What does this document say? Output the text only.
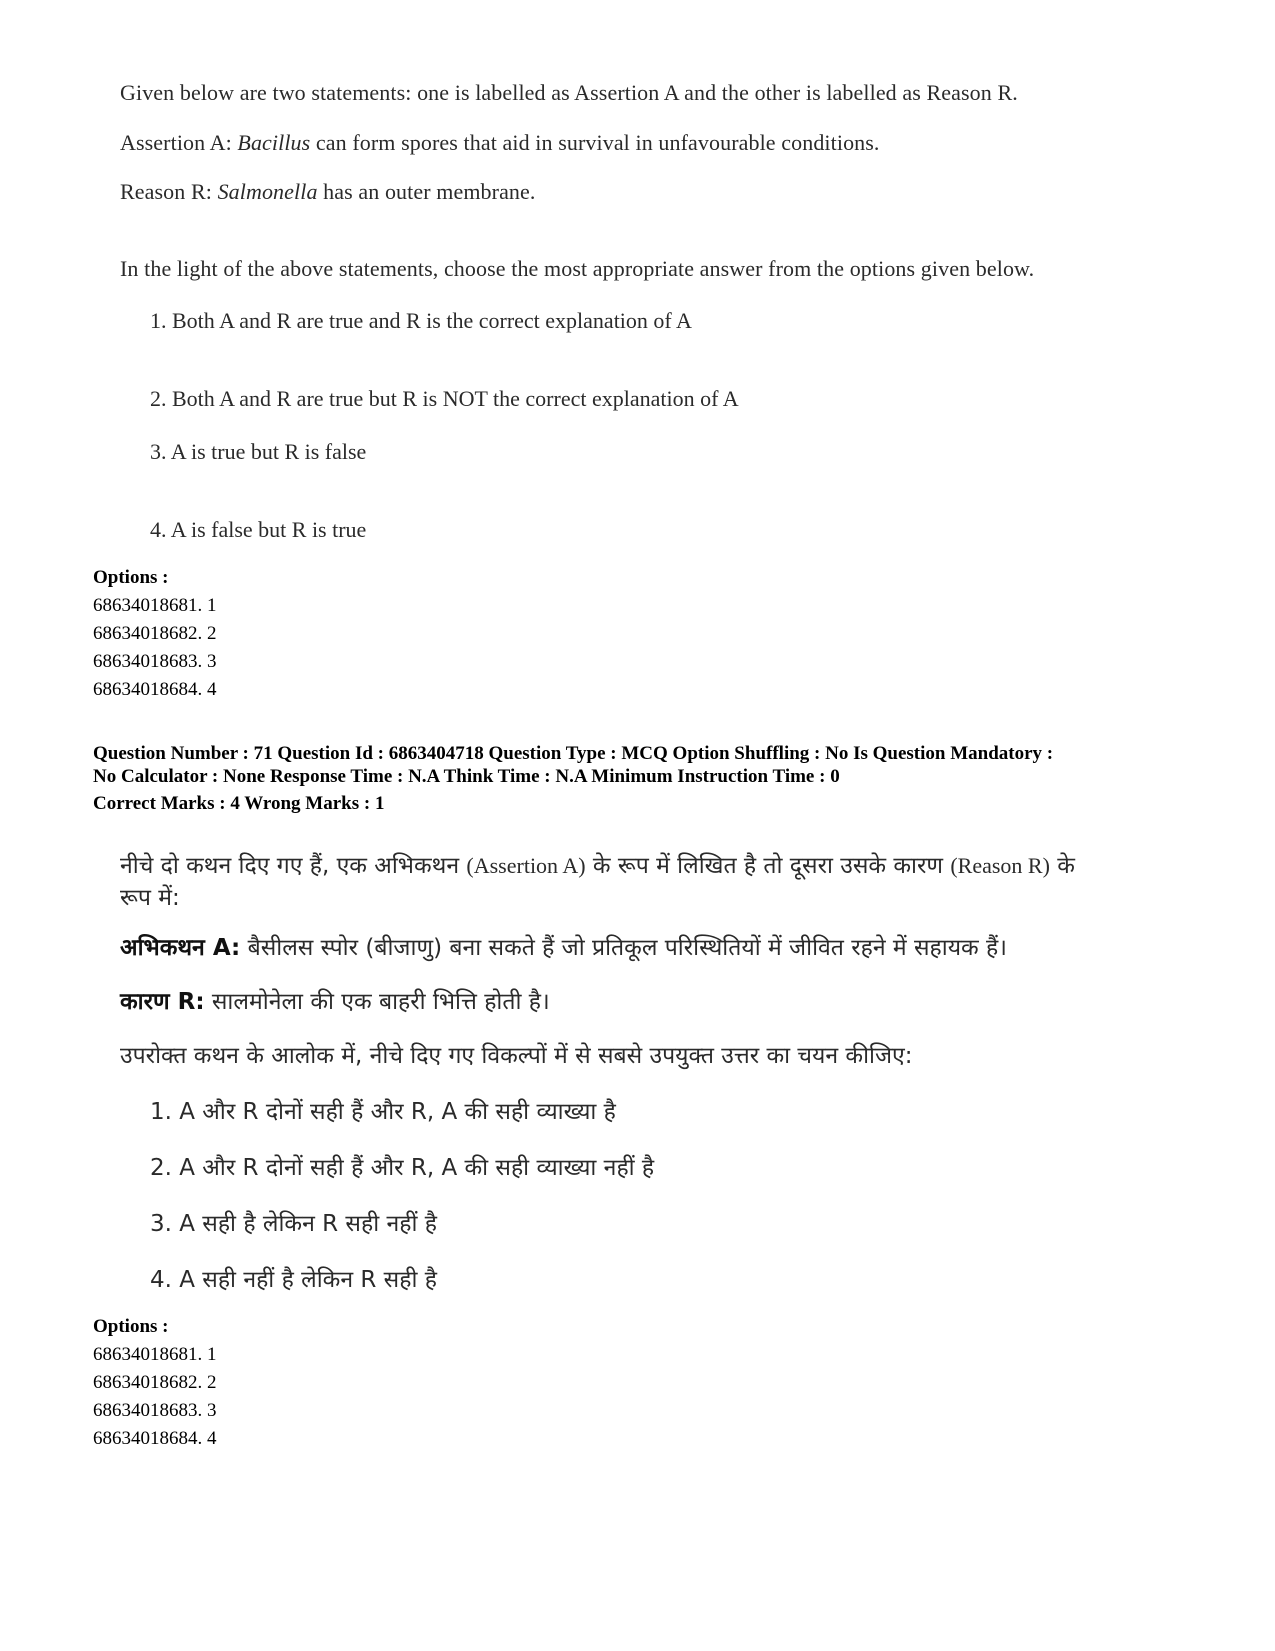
Given below are two statements: one is labelled as Assertion A and the other is labelled as Reason R.
Assertion A: Bacillus can form spores that aid in survival in unfavourable conditions.
Reason R: Salmonella has an outer membrane.
In the light of the above statements, choose the most appropriate answer from the options given below.
1. Both A and R are true and R is the correct explanation of A
2. Both A and R are true but R is NOT the correct explanation of A
3. A is true but R is false
4. A is false but R is true
Options :
68634018681. 1
68634018682. 2
68634018683. 3
68634018684. 4
Question Number : 71 Question Id : 6863404718 Question Type : MCQ Option Shuffling : No Is Question Mandatory :
No Calculator : None Response Time : N.A Think Time : N.A Minimum Instruction Time : 0
Correct Marks : 4 Wrong Marks : 1
नीचे दो कथन दिए गए हैं, एक अभिकथन (Assertion A) के रूप में लिखित है तो दूसरा उसके कारण (Reason R) के
रूप में:
अभिकथन A: बैसीलस स्पोर (बीजाणु) बना सकते हैं जो प्रतिकूल परिस्थितियों में जीवित रहने में सहायक हैं।
कारण R: सालमोनेला की एक बाहरी भित्ति होती है।
उपरोक्त कथन के आलोक में, नीचे दिए गए विकल्पों में से सबसे उपयुक्त उत्तर का चयन कीजिए:
1. A और R दोनों सही हैं और R, A की सही व्याख्या है
2. A और R दोनों सही हैं और R, A की सही व्याख्या नहीं है
3. A सही है लेकिन R सही नहीं है
4. A सही नहीं है लेकिन R सही है
Options :
68634018681. 1
68634018682. 2
68634018683. 3
68634018684. 4
